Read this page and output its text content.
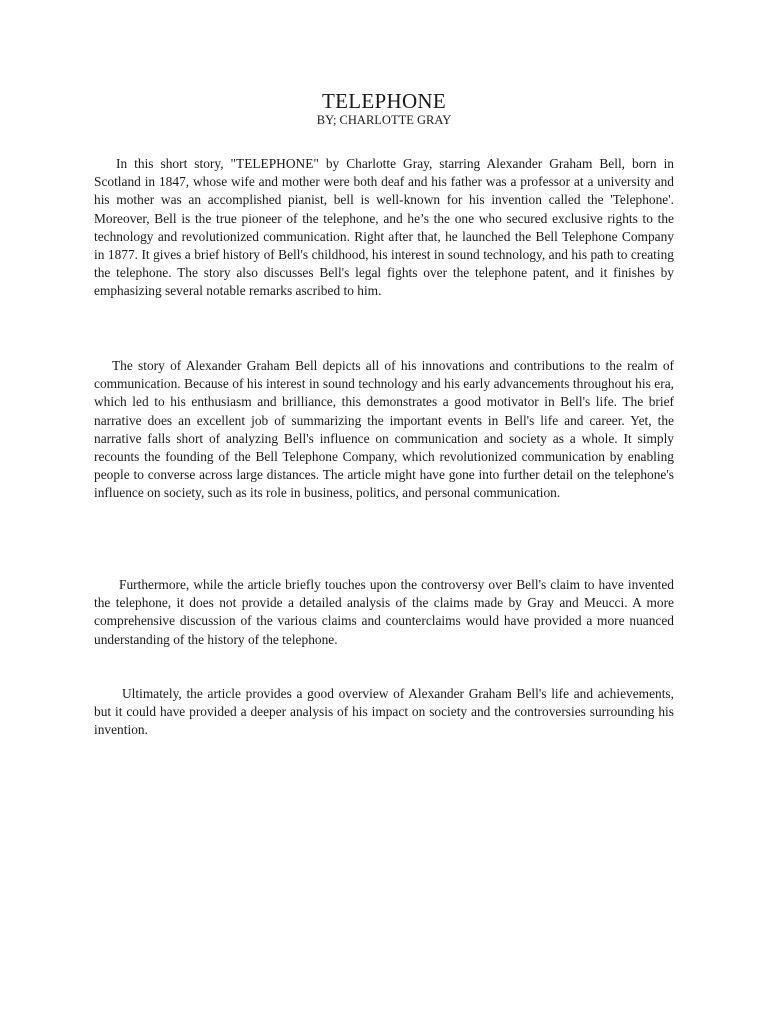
TELEPHONE

BY; CHARLOTTE GRAY

In this short story, "TELEPHONE" by Charlotte Gray, starring Alexander Graham Bell, born in Scotland in 1847, whose wife and mother were both deaf and his father was a professor at a university and his mother was an accomplished pianist, bell is well-known for his invention called the 'Telephone'. Moreover, Bell is the true pioneer of the telephone, and he’s the one who secured exclusive rights to the technology and revolutionized communication. Right after that, he launched the Bell Telephone Company in 1877. It gives a brief history of Bell's childhood, his interest in sound technology, and his path to creating the telephone. The story also discusses Bell's legal fights over the telephone patent, and it finishes by emphasizing several notable remarks ascribed to him.

The story of Alexander Graham Bell depicts all of his innovations and contributions to the realm of communication. Because of his interest in sound technology and his early advancements throughout his era, which led to his enthusiasm and brilliance, this demonstrates a good motivator in Bell's life. The brief narrative does an excellent job of summarizing the important events in Bell's life and career. Yet, the narrative falls short of analyzing Bell's influence on communication and society as a whole. It simply recounts the founding of the Bell Telephone Company, which revolutionized communication by enabling people to converse across large distances. The article might have gone into further detail on the telephone's influence on society, such as its role in business, politics, and personal communication.

Furthermore, while the article briefly touches upon the controversy over Bell's claim to have invented the telephone, it does not provide a detailed analysis of the claims made by Gray and Meucci. A more comprehensive discussion of the various claims and counterclaims would have provided a more nuanced understanding of the history of the telephone.

Ultimately, the article provides a good overview of Alexander Graham Bell's life and achievements, but it could have provided a deeper analysis of his impact on society and the controversies surrounding his invention.
